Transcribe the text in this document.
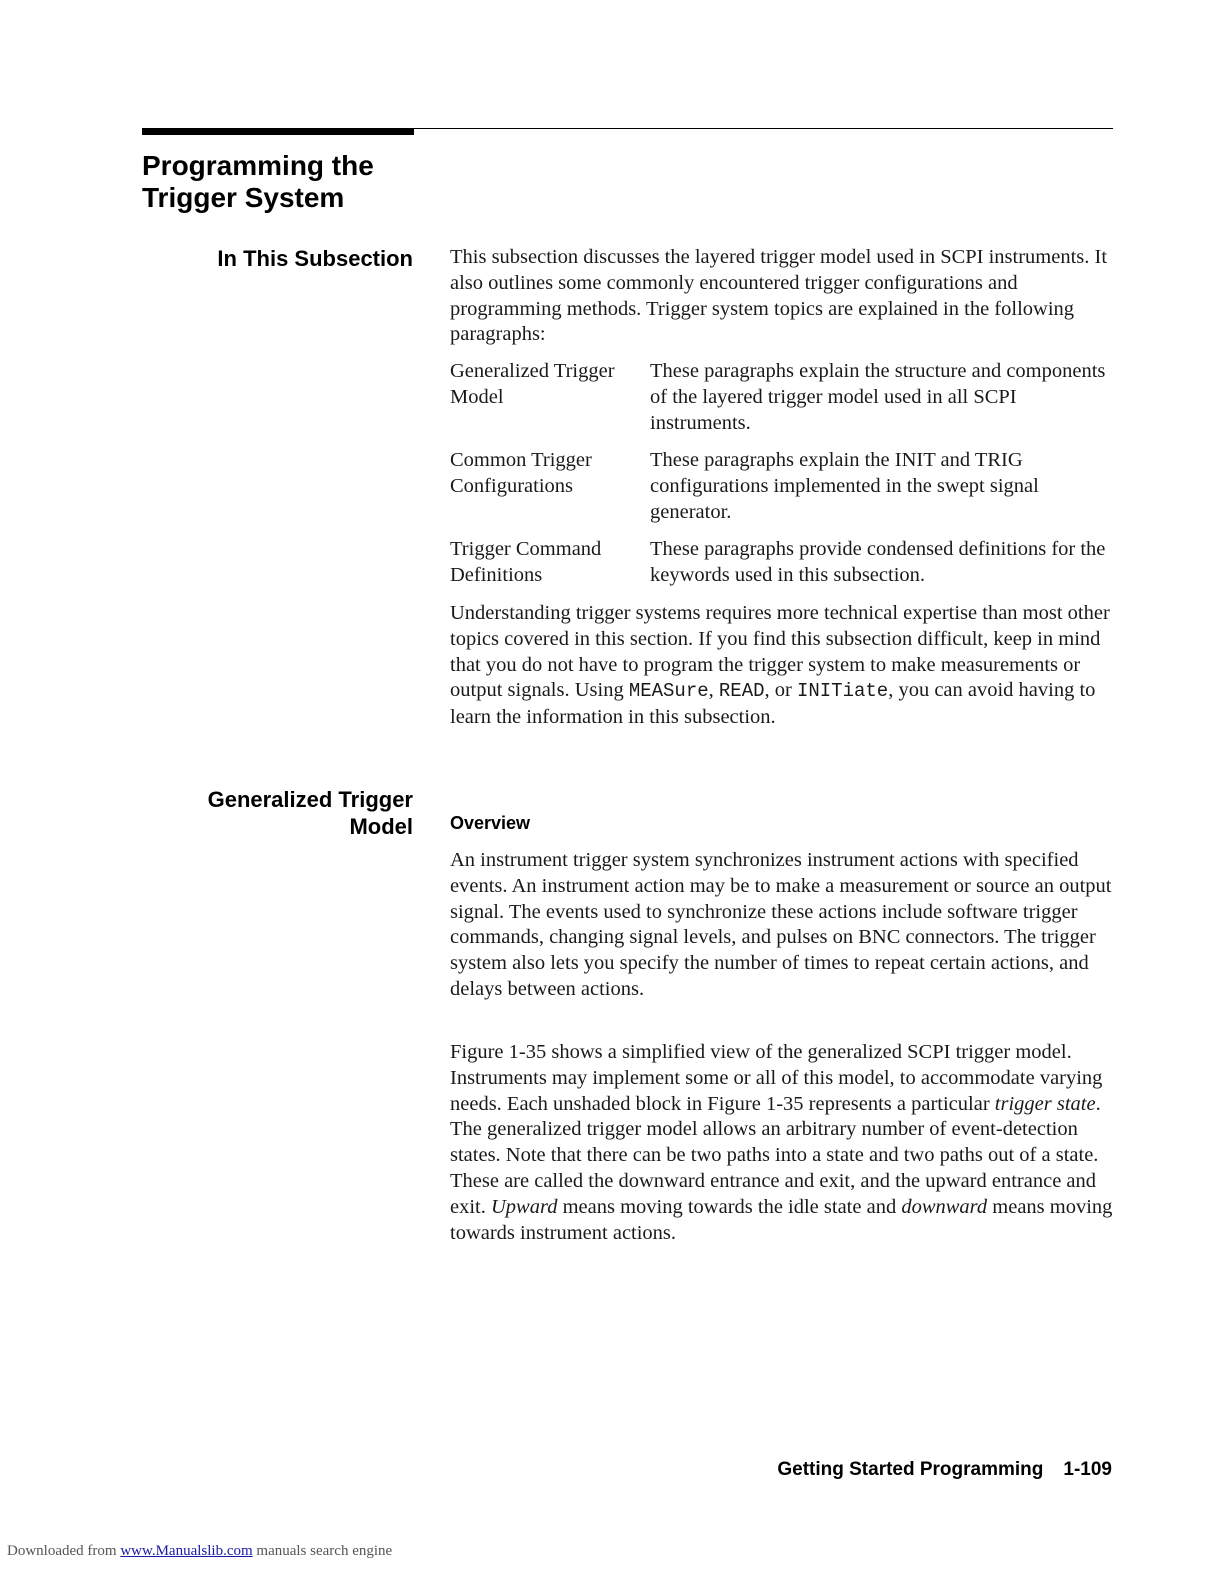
Programming the
Trigger System
In This Subsection This subsection discusses the layered trigger model used in SCPI instruments. It also outlines some commonly encountered trigger configurations and programming methods. Trigger system topics are explained in the following paragraphs:

Generalized Trigger Model

These paragraphs explain the structure and components of the layered trigger model used in all SCPI instruments.

Common Trigger Configurations

These paragraphs explain the INIT and TRIG configurations implemented in the swept signal generator.

Trigger Command Definitions

These paragraphs provide condensed definitions for the keywords used in this subsection.

Understanding trigger systems requires more technical expertise than most other topics covered in this section. If you find this subsection difficult, keep in mind that you do not have to program the trigger system to make measurements or output signals. Using MEASure, READ, or INITiate, you can avoid having to learn the information in this subsection.

Generalized Trigger
Model Overview

An instrument trigger system synchronizes instrument actions with specified events. An instrument action may be to make a measurement or source an output signal. The events used to synchronize these actions include software trigger commands, changing signal levels, and pulses on BNC connectors. The trigger system also lets you specify the number of times to repeat certain actions, and delays between actions.

Figure 1-35 shows a simplified view of the generalized SCPI trigger model. Instruments may implement some or all of this model, to accommodate varying needs. Each unshaded block in Figure 1-35 represents a particular trigger state. The generalized trigger model allows an arbitrary number of event-detection states. Note that there can be two paths into a state and two paths out of a state. These are called the downward entrance and exit, and the upward entrance and exit. Upward means moving towards the idle state and downward means moving towards instrument actions.

Getting Started Programming 1-109
Downloaded from www.Manualslib.com manuals search engine
